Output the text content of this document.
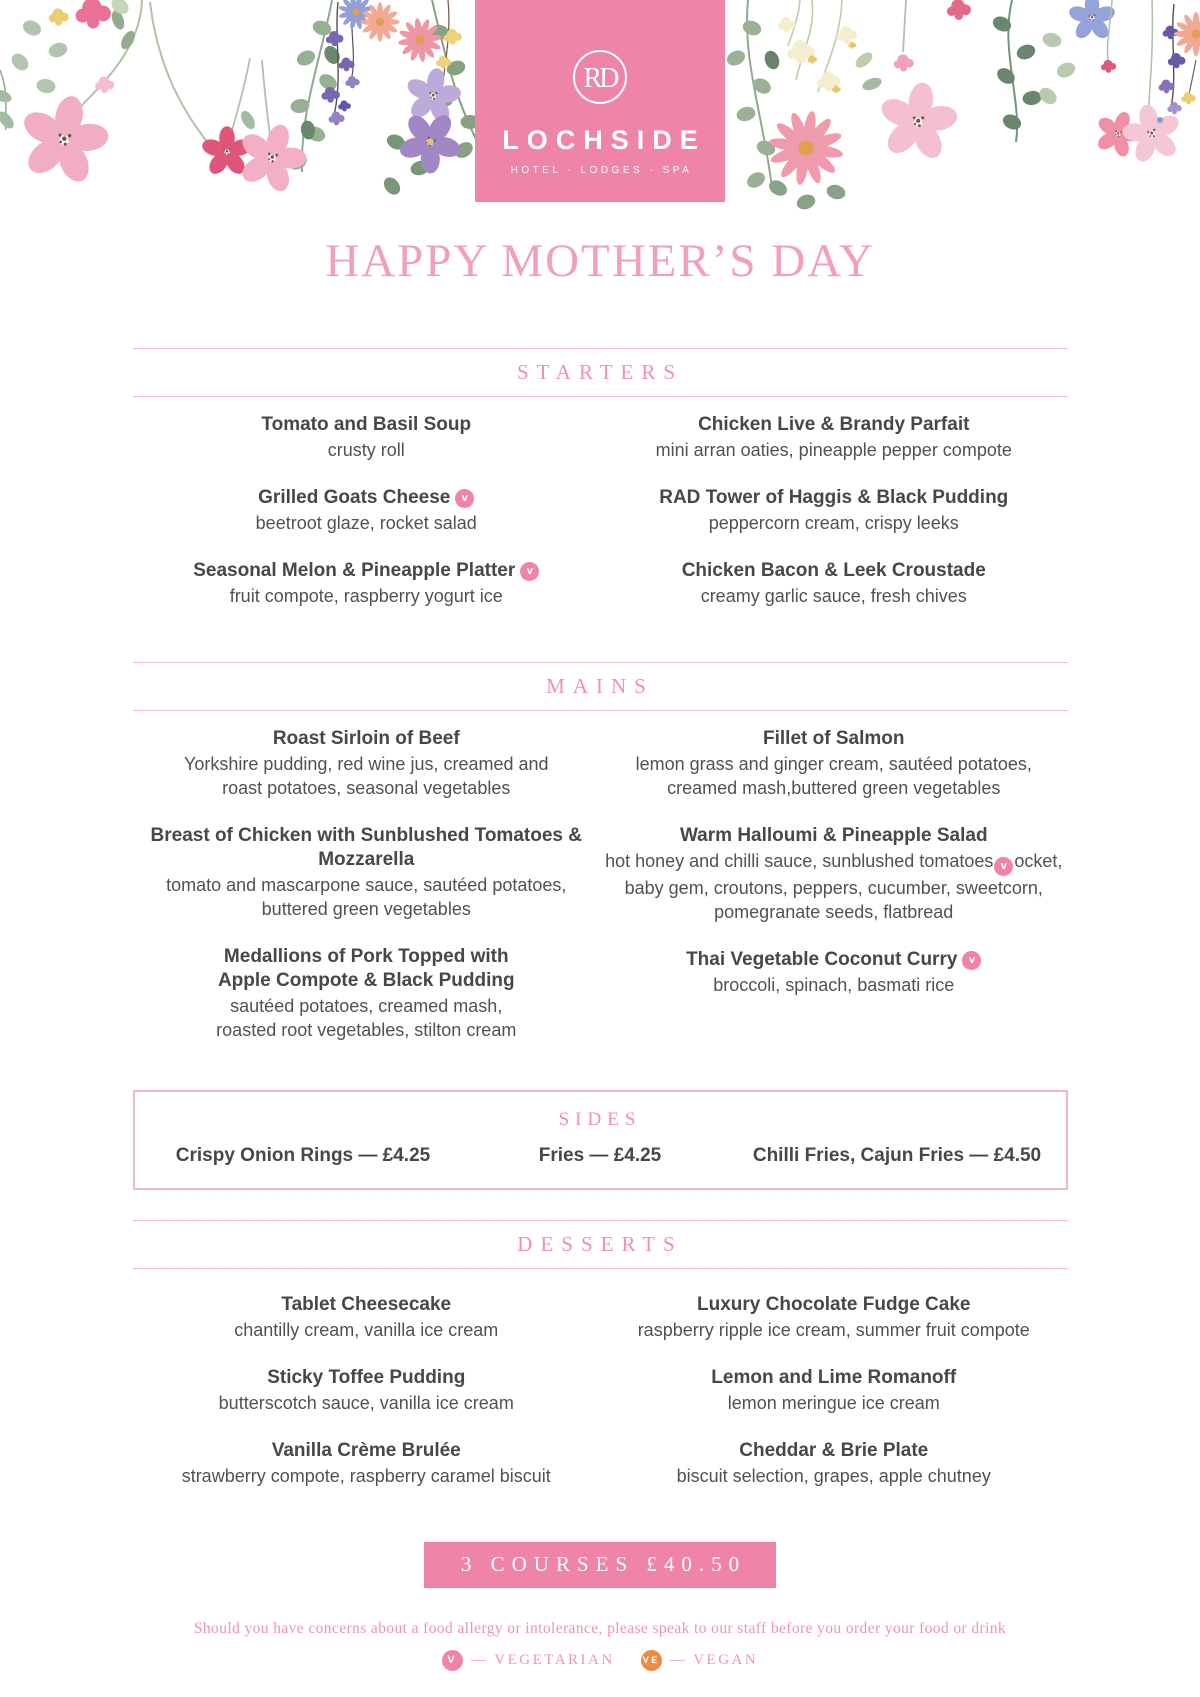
RD
LOCHSIDE
HOTEL · LODGES · SPA
HAPPY MOTHER’S DAY
STARTERS
Tomato and Basil Soup
crusty roll
Grilled Goats Cheese v
beetroot glaze, rocket salad
Seasonal Melon & Pineapple Platter v
fruit compote, raspberry yogurt ice
Chicken Live & Brandy Parfait
mini arran oaties, pineapple pepper compote
RAD Tower of Haggis & Black Pudding
peppercorn cream, crispy leeks
Chicken Bacon & Leek Croustade
creamy garlic sauce, fresh chives
MAINS
Roast Sirloin of Beef
Yorkshire pudding, red wine jus, creamed and
roast potatoes, seasonal vegetables
Breast of Chicken with Sunblushed Tomatoes & Mozzarella
tomato and mascarpone sauce, sautéed potatoes,
buttered green vegetables
Medallions of Pork Topped with
Apple Compote & Black Pudding
sautéed potatoes, creamed mash,
roasted root vegetables, stilton cream
Fillet of Salmon
lemon grass and ginger cream, sautéed potatoes,
creamed mash,buttered green vegetables
Warm Halloumi & Pineapple Salad
hot honey and chilli sauce, sunblushed tomatoes v ocket,
baby gem, croutons, peppers, cucumber, sweetcorn,
pomegranate seeds, flatbread
Thai Vegetable Coconut Curry v
broccoli, spinach, basmati rice
SIDES
Crispy Onion Rings — £4.25	Fries — £4.25	Chilli Fries, Cajun Fries — £4.50
DESSERTS
Tablet Cheesecake
chantilly cream, vanilla ice cream
Sticky Toffee Pudding
butterscotch sauce, vanilla ice cream
Vanilla Crème Brulée
strawberry compote, raspberry caramel biscuit
Luxury Chocolate Fudge Cake
raspberry ripple ice cream, summer fruit compote
Lemon and Lime Romanoff
lemon meringue ice cream
Cheddar & Brie Plate
biscuit selection, grapes, apple chutney
3 COURSES £40.50
Should you have concerns about a food allergy or intolerance, please speak to our staff before you order your food or drink
V — VEGETARIAN	VE — VEGAN
